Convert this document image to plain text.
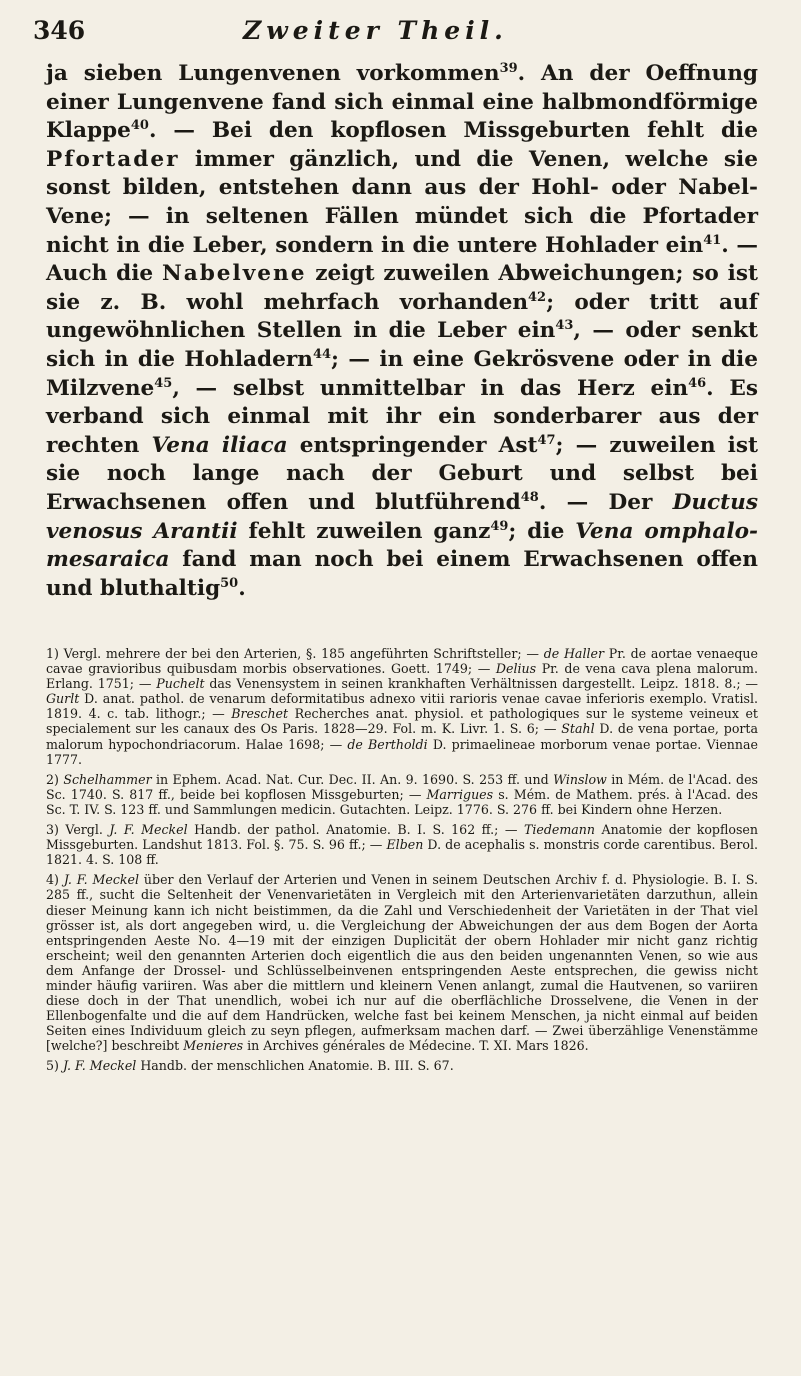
346	Zweiter Theil.

ja sieben Lungenvenen vorkommen$^{39}$. An der Oeffnung einer Lungenvene fand sich einmal eine halbmondförmige Klappe$^{40}$. — Bei den kopflosen Missgeburten fehlt die Pfortader immer gänzlich, und die Venen, welche sie sonst bilden, entstehen dann aus der Hohl- oder Nabel-Vene; — in seltenen Fällen mündet sich die Pfortader nicht in die Leber, sondern in die untere Hohlader ein$^{41}$. — Auch die Nabelvene zeigt zuweilen Abweichungen; so ist sie z. B. wohl mehrfach vorhanden$^{42}$; oder tritt auf ungewöhnlichen Stellen in die Leber ein$^{43}$, — oder senkt sich in die Hohladern$^{44}$; — in eine Gekrösvene oder in die Milzvene$^{45}$, — selbst unmittelbar in das Herz ein$^{46}$. Es verband sich einmal mit ihr ein sonderbarer aus der rechten Vena iliaca entspringender Ast$^{47}$; — zuweilen ist sie noch lange nach der Geburt und selbst bei Erwachsenen offen und blutführend$^{48}$. — Der Ductus venosus Arantii fehlt zuweilen ganz$^{49}$; die Vena omphalo-mesaraica fand man noch bei einem Erwachsenen offen und bluthaltig$^{50}$.

1) Vergl. mehrere der bei den Arterien, §. 185 angeführten Schriftsteller; — de Haller Pr. de aortae venaeque cavae gravioribus quibusdam morbis observationes. Goett. 1749; — Delius Pr. de vena cava plena malorum. Erlang. 1751; — Puchelt das Venensystem in seinen krankhaften Verhältnissen dargestellt. Leipz. 1818. 8.; — Gurlt D. anat. pathol. de venarum deformitatibus adnexo vitii rarioris venae cavae inferioris exemplo. Vratisl. 1819. 4. c. tab. lithogr.; — Breschet Recherches anat. physiol. et pathologiques sur le systeme veineux et specialement sur les canaux des Os Paris. 1828—29. Fol. m. K. Livr. 1. S. 6; — Stahl D. de vena portae, porta malorum hypochondriacorum. Halae 1698; — de Bertholdi D. primaelineae morborum venae portae. Viennae 1777.

2) Schelhammer in Ephem. Acad. Nat. Cur. Dec. II. An. 9. 1690. S. 253 ff. und Winslow in Mém. de l'Acad. des Sc. 1740. S. 817 ff., beide bei kopflosen Missgeburten; — Marrigues s. Mém. de Mathem. prés. à l'Acad. des Sc. T. IV. S. 123 ff. und Sammlungen medicin. Gutachten. Leipz. 1776. S. 276 ff. bei Kindern ohne Herzen.

3) Vergl. J. F. Meckel Handb. der pathol. Anatomie. B. I. S. 162 ff.; — Tiedemann Anatomie der kopflosen Missgeburten. Landshut 1813. Fol. §. 75. S. 96 ff.; — Elben D. de acephalis s. monstris corde carentibus. Berol. 1821. 4. S. 108 ff.

4) J. F. Meckel über den Verlauf der Arterien und Venen in seinem Deutschen Archiv f. d. Physiologie. B. I. S. 285 ff., sucht die Seltenheit der Venenvarietäten in Vergleich mit den Arterienvarietäten darzuthun, allein dieser Meinung kann ich nicht beistimmen, da die Zahl und Verschiedenheit der Varietäten in der That viel grösser ist, als dort angegeben wird, u. die Vergleichung der Abweichungen der aus dem Bogen der Aorta entspringenden Aeste No. 4—19 mit der einzigen Duplicität der obern Hohlader mir nicht ganz richtig erscheint; weil den genannten Arterien doch eigentlich die aus den beiden ungenannten Venen, so wie aus dem Anfange der Drossel- und Schlüsselbeinvenen entspringenden Aeste entsprechen, die gewiss nicht minder häufig variiren. Was aber die mittlern und kleinern Venen anlangt, zumal die Hautvenen, so variiren diese doch in der That unendlich, wobei ich nur auf die oberflächliche Drosselvene, die Venen in der Ellenbogenfalte und die auf dem Handrücken, welche fast bei keinem Menschen, ja nicht einmal auf beiden Seiten eines Individuum gleich zu seyn pflegen, aufmerksam machen darf. — Zwei überzählige Venenstämme [welche?] beschreibt Menieres in Archives générales de Médecine. T. XI. Mars 1826.

5) J. F. Meckel Handb. der menschlichen Anatomie. B. III. S. 67.
